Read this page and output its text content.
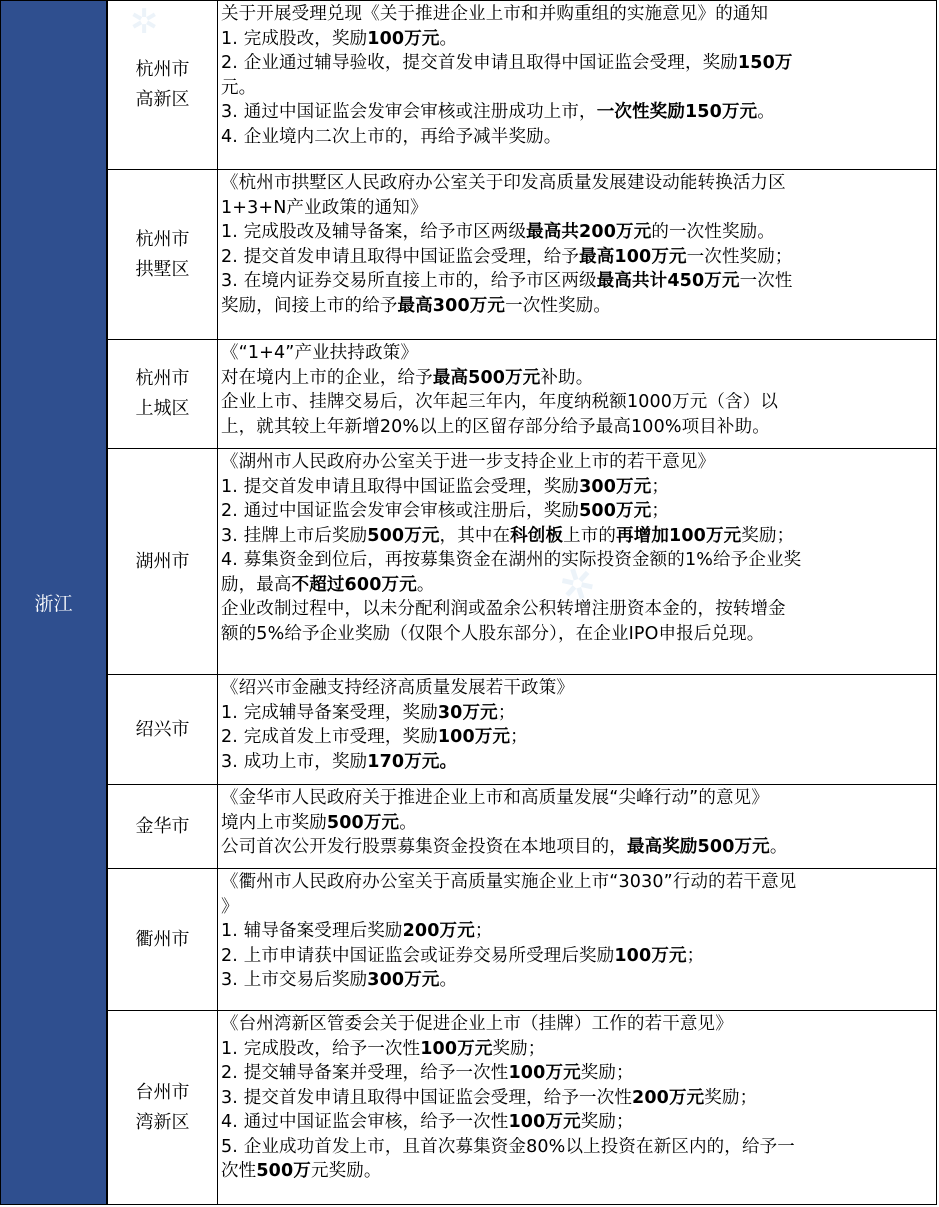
浙江
杭州市
高新区
关于开展受理兑现《关于推进企业上市和并购重组的实施意见》的通知
1. 完成股改，奖励100万元。
2. 企业通过辅导验收，提交首发申请且取得中国证监会受理，奖励150万
元。
3. 通过中国证监会发审会审核或注册成功上市，一次性奖励150万元。
4. 企业境内二次上市的，再给予减半奖励。
杭州市
拱墅区
《杭州市拱墅区人民政府办公室关于印发高质量发展建设动能转换活力区
1+3+N产业政策的通知》
1. 完成股改及辅导备案，给予市区两级最高共200万元的一次性奖励。
2. 提交首发申请且取得中国证监会受理，给予最高100万元一次性奖励；
3. 在境内证券交易所直接上市的，给予市区两级最高共计450万元一次性
奖励，间接上市的给予最高300万元一次性奖励。
杭州市
上城区
《“1+4”产业扶持政策》
对在境内上市的企业，给予最高500万元补助。
企业上市、挂牌交易后，次年起三年内，年度纳税额1000万元（含）以
上，就其较上年新增20%以上的区留存部分给予最高100%项目补助。
湖州市
《湖州市人民政府办公室关于进一步支持企业上市的若干意见》
1. 提交首发申请且取得中国证监会受理，奖励300万元；
2. 通过中国证监会发审会审核或注册后，奖励500万元；
3. 挂牌上市后奖励500万元，其中在科创板上市的再增加100万元奖励；
4. 募集资金到位后，再按募集资金在湖州的实际投资金额的1%给予企业奖
励，最高不超过600万元。
企业改制过程中，以未分配利润或盈余公积转增注册资本金的，按转增金
额的5%给予企业奖励（仅限个人股东部分），在企业IPO申报后兑现。
绍兴市
《绍兴市金融支持经济高质量发展若干政策》
1. 完成辅导备案受理，奖励30万元；
2. 完成首发上市受理，奖励100万元；
3. 成功上市，奖励170万元。
金华市
《金华市人民政府关于推进企业上市和高质量发展“尖峰行动”的意见》
境内上市奖励500万元。
公司首次公开发行股票募集资金投资在本地项目的，最高奖励500万元。
衢州市
《衢州市人民政府办公室关于高质量实施企业上市“3030”行动的若干意见
》
1. 辅导备案受理后奖励200万元；
2. 上市申请获中国证监会或证券交易所受理后奖励100万元；
3. 上市交易后奖励300万元。
台州市
湾新区
《台州湾新区管委会关于促进企业上市（挂牌）工作的若干意见》
1. 完成股改，给予一次性100万元奖励；
2. 提交辅导备案并受理，给予一次性100万元奖励；
3. 提交首发申请且取得中国证监会受理，给予一次性200万元奖励；
4. 通过中国证监会审核，给予一次性100万元奖励；
5. 企业成功首发上市，且首次募集资金80%以上投资在新区内的，给予一
次性500万元奖励。
✲
✲
